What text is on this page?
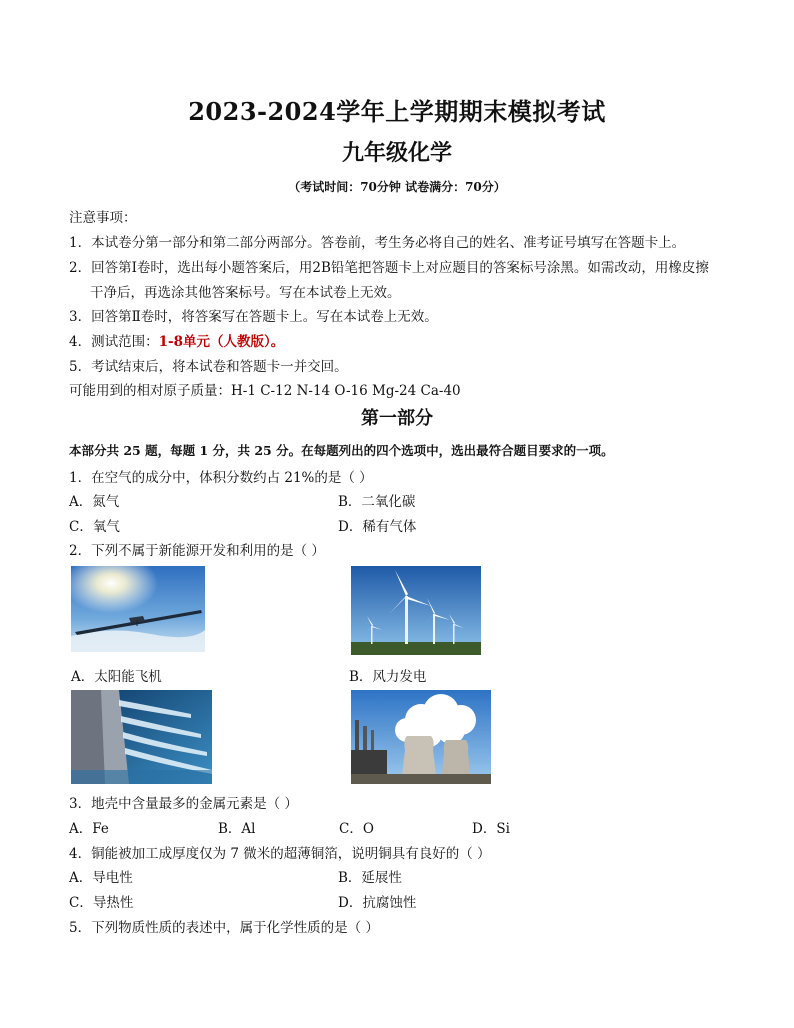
2023-2024学年上学期期末模拟考试
九年级化学
（考试时间：70分钟 试卷满分：70分）
注意事项：
1．本试卷分第一部分和第二部分两部分。答卷前，考生务必将自己的姓名、准考证号填写在答题卡上。
2．回答第Ⅰ卷时，选出每小题答案后，用2B铅笔把答题卡上对应题目的答案标号涂黑。如需改动，用橡皮擦
干净后，再选涂其他答案标号。写在本试卷上无效。
3．回答第Ⅱ卷时，将答案写在答题卡上。写在本试卷上无效。
4．测试范围：1-8单元（人教版）。
5．考试结束后，将本试卷和答题卡一并交回。
可能用到的相对原子质量：H-1 C-12 N-14 O-16 Mg-24 Ca-40
第一部分
本部分共 25 题，每题 1 分，共 25 分。在每题列出的四个选项中，选出最符合题目要求的一项。
1．在空气的成分中，体积分数约占 21%的是（ ）
A．氮气	B．二氧化碳
C．氧气	D．稀有气体
2．下列不属于新能源开发和利用的是（ ）
A．太阳能飞机	B．风力发电
3．地壳中含量最多的金属元素是（ ）
A．Fe	B．Al	C．O	D．Si
4．铜能被加工成厚度仅为 7 微米的超薄铜箔，说明铜具有良好的（ ）
A．导电性	B．延展性
C．导热性	D．抗腐蚀性
5．下列物质性质的表述中，属于化学性质的是（ ）
